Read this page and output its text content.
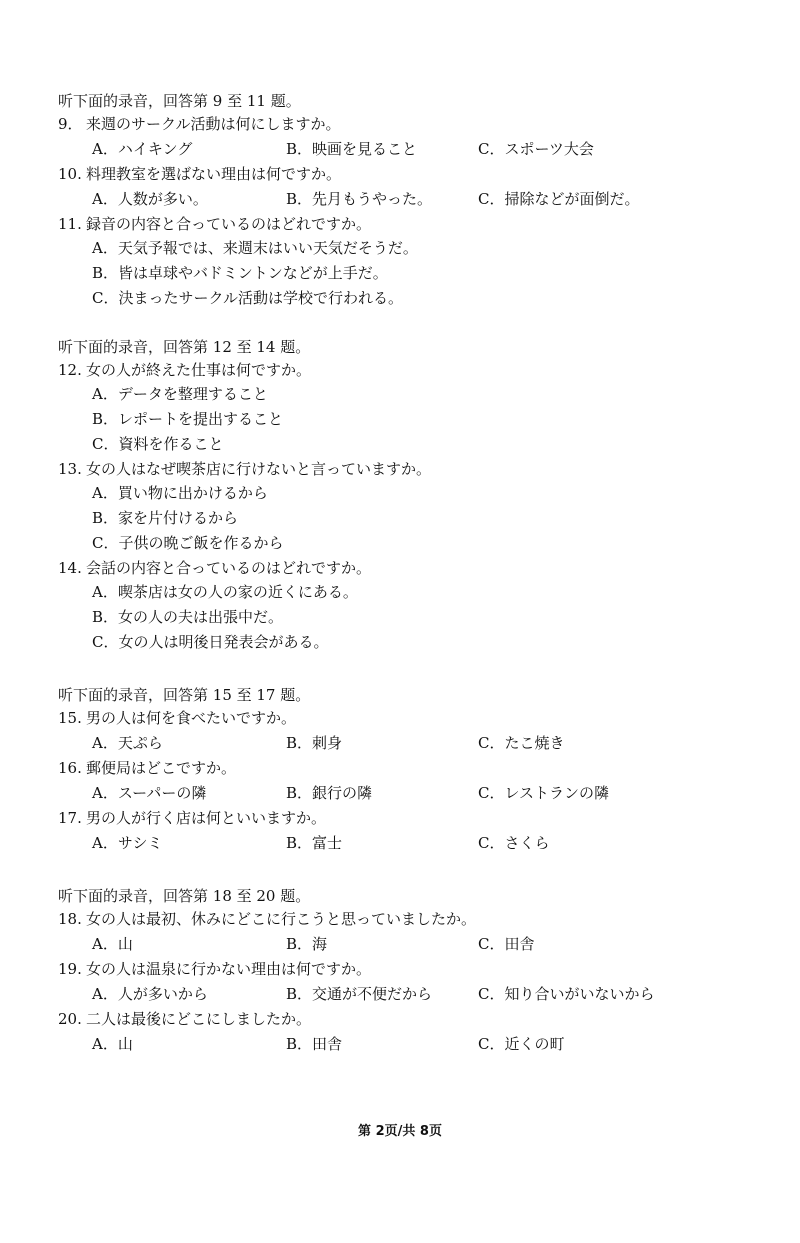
听下面的录音，回答第 9 至 11 题。

9． 来週のサークル活動は何にしますか。
A．ハイキング	B．映画を見ること	C．スポーツ大会
10. 料理教室を選ばない理由は何ですか。
A．人数が多い。	B．先月もうやった。	C．掃除などが面倒だ。
11. 録音の内容と合っているのはどれですか。
A．天気予報では、来週末はいい天気だそうだ。
B．皆は卓球やバドミントンなどが上手だ。
C．決まったサークル活動は学校で行われる。

听下面的录音，回答第 12 至 14 题。

12. 女の人が終えた仕事は何ですか。
A．データを整理すること
B．レポートを提出すること
C．資料を作ること
13. 女の人はなぜ喫茶店に行けないと言っていますか。
A．買い物に出かけるから
B．家を片付けるから
C．子供の晩ご飯を作るから
14. 会話の内容と合っているのはどれですか。
A．喫茶店は女の人の家の近くにある。
B．女の人の夫は出張中だ。
C．女の人は明後日発表会がある。

听下面的录音，回答第 15 至 17 题。

15. 男の人は何を食べたいですか。
A．天ぷら	B．刺身	C．たこ焼き
16. 郵便局はどこですか。
A．スーパーの隣	B．銀行の隣	C．レストランの隣
17. 男の人が行く店は何といいますか。
A．サシミ	B．富士	C．さくら

听下面的录音，回答第 18 至 20 题。

18. 女の人は最初、休みにどこに行こうと思っていましたか。
A．山	B．海	C．田舎
19. 女の人は温泉に行かない理由は何ですか。
A．人が多いから	B．交通が不便だから	C．知り合いがいないから
20. 二人は最後にどこにしましたか。
A．山	B．田舎	C．近くの町
第 2页/共 8页
